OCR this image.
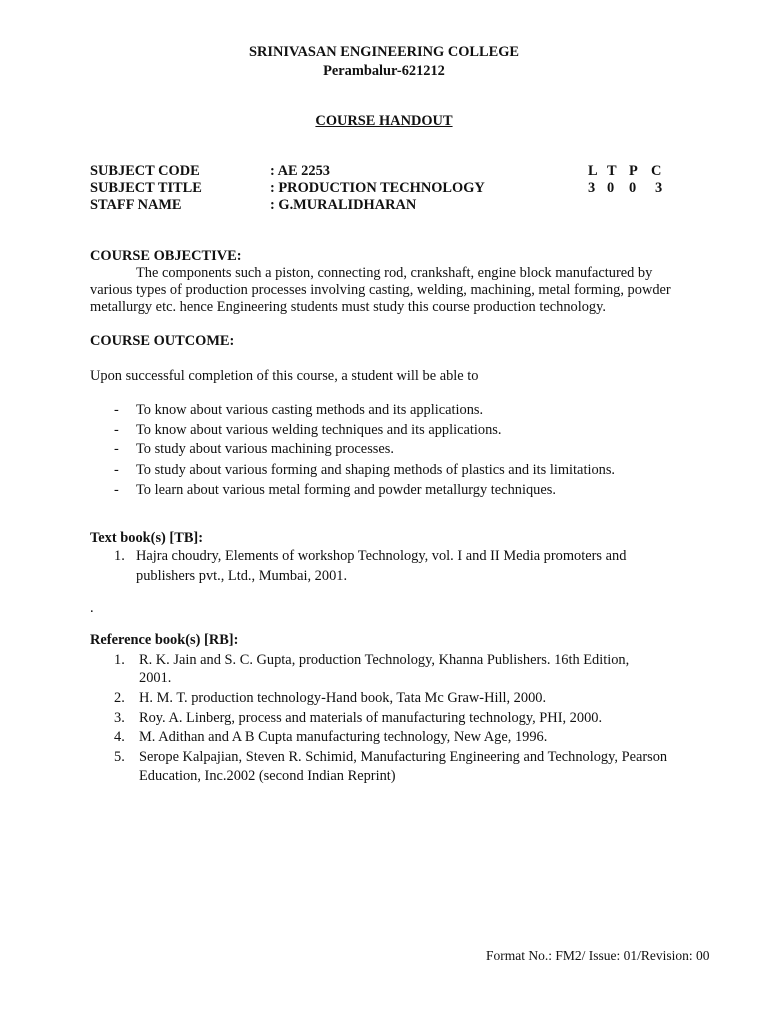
SRINIVASAN ENGINEERING COLLEGE
Perambalur-621212
COURSE HANDOUT
SUBJECT CODE	: AE 2253
SUBJECT TITLE	: PRODUCTION TECHNOLOGY
STAFF NAME	: G.MURALIDHARAN
L T P C
3 0 0 3
COURSE OBJECTIVE:
The components such a piston, connecting rod, crankshaft, engine block manufactured by
various types of production processes involving casting, welding, machining, metal forming, powder
metallurgy etc. hence Engineering students must study this course production technology.
COURSE OUTCOME:
Upon successful completion of this course, a student will be able to
- To know about various casting methods and its applications.
- To know about various welding techniques and its applications.
- To study about various machining processes.
- To study about various forming and shaping methods of plastics and its limitations.
- To learn about various metal forming and powder metallurgy techniques.
Text book(s) [TB]:
1. Hajra choudry, Elements of workshop Technology, vol. I and II Media promoters and
publishers pvt., Ltd., Mumbai, 2001.
.
Reference book(s) [RB]:
1. R. K. Jain and S. C. Gupta, production Technology, Khanna Publishers. 16th Edition,
2001.
2. H. M. T. production technology-Hand book, Tata Mc Graw-Hill, 2000.
3. Roy. A. Linberg, process and materials of manufacturing technology, PHI, 2000.
4. M. Adithan and A B Cupta manufacturing technology, New Age, 1996.
5. Serope Kalpajian, Steven R. Schimid, Manufacturing Engineering and Technology, Pearson
Education, Inc.2002 (second Indian Reprint)
Format No.: FM2/ Issue: 01/Revision: 00
